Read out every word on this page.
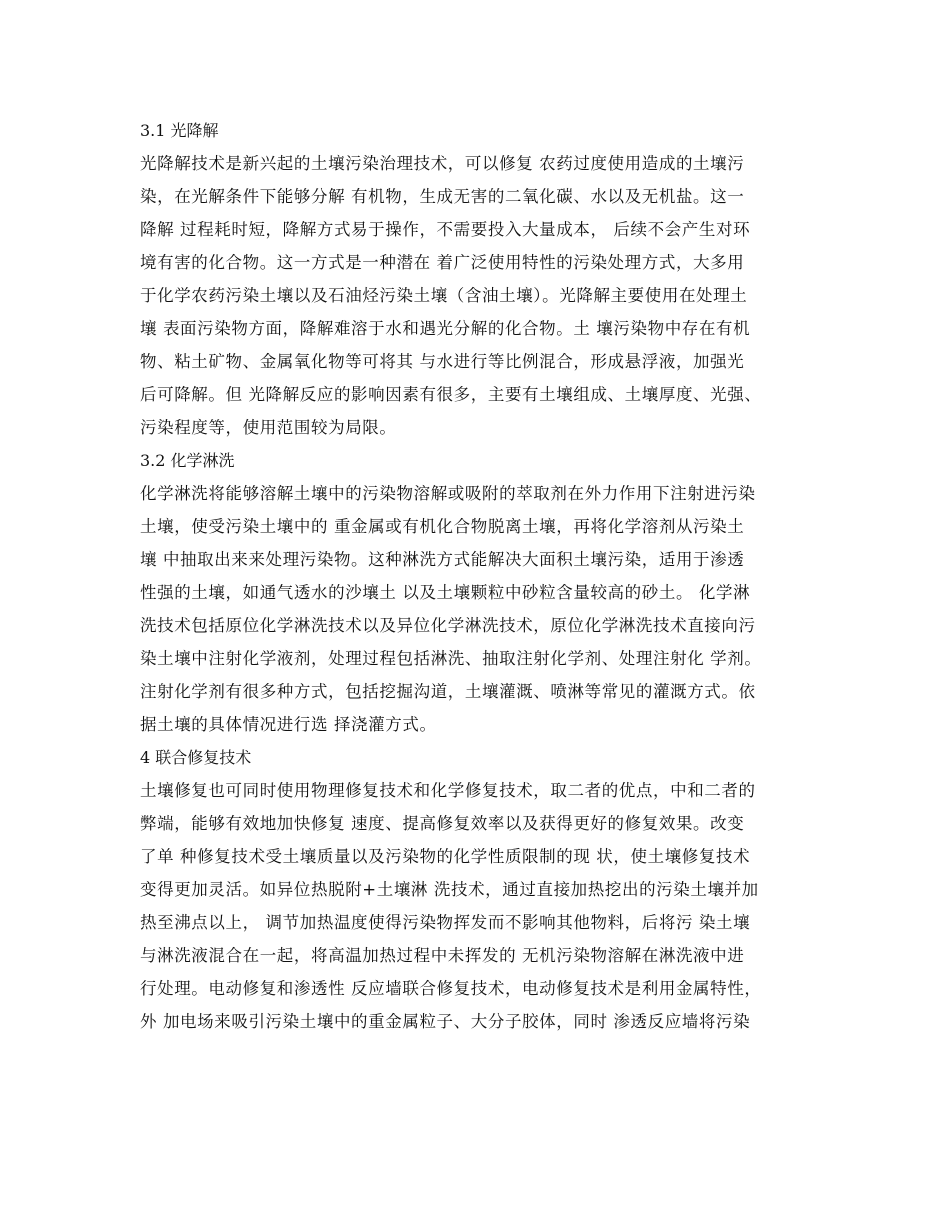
3.1 光降解
光降解技术是新兴起的土壤污染治理技术，可以修复 农药过度使用造成的土壤污
染，在光解条件下能够分解 有机物，生成无害的二氧化碳、水以及无机盐。这一
降解 过程耗时短，降解方式易于操作，不需要投入大量成本， 后续不会产生对环
境有害的化合物。这一方式是一种潜在 着广泛使用特性的污染处理方式，大多用
于化学农药污染土壤以及石油烃污染土壤（含油土壤）。光降解主要使用在处理土
壤 表面污染物方面，降解难溶于水和遇光分解的化合物。土 壤污染物中存在有机
物、粘土矿物、金属氧化物等可将其 与水进行等比例混合，形成悬浮液，加强光
后可降解。但 光降解反应的影响因素有很多，主要有土壤组成、土壤厚度、光强、
污染程度等，使用范围较为局限。
3.2 化学淋洗
化学淋洗将能够溶解土壤中的污染物溶解或吸附的萃取剂在外力作用下注射进污染
土壤，使受污染土壤中的 重金属或有机化合物脱离土壤，再将化学溶剂从污染土
壤 中抽取出来来处理污染物。这种淋洗方式能解决大面积土壤污染，适用于渗透
性强的土壤，如通气透水的沙壤土 以及土壤颗粒中砂粒含量较高的砂土。 化学淋
洗技术包括原位化学淋洗技术以及异位化学淋洗技术，原位化学淋洗技术直接向污
染土壤中注射化学液剂，处理过程包括淋洗、抽取注射化学剂、处理注射化 学剂。
注射化学剂有很多种方式，包括挖掘沟道，土壤灌溉、喷淋等常见的灌溉方式。依
据土壤的具体情况进行选 择浇灌方式。
4 联合修复技术
土壤修复也可同时使用物理修复技术和化学修复技术，取二者的优点，中和二者的
弊端，能够有效地加快修复 速度、提高修复效率以及获得更好的修复效果。改变
了单 种修复技术受土壤质量以及污染物的化学性质限制的现 状，使土壤修复技术
变得更加灵活。如异位热脱附+土壤淋 洗技术，通过直接加热挖出的污染土壤并加
热至沸点以上， 调节加热温度使得污染物挥发而不影响其他物料，后将污 染土壤
与淋洗液混合在一起，将高温加热过程中未挥发的 无机污染物溶解在淋洗液中进
行处理。电动修复和渗透性 反应墙联合修复技术，电动修复技术是利用金属特性，
外 加电场来吸引污染土壤中的重金属粒子、大分子胶体，同时 渗透反应墙将污染
